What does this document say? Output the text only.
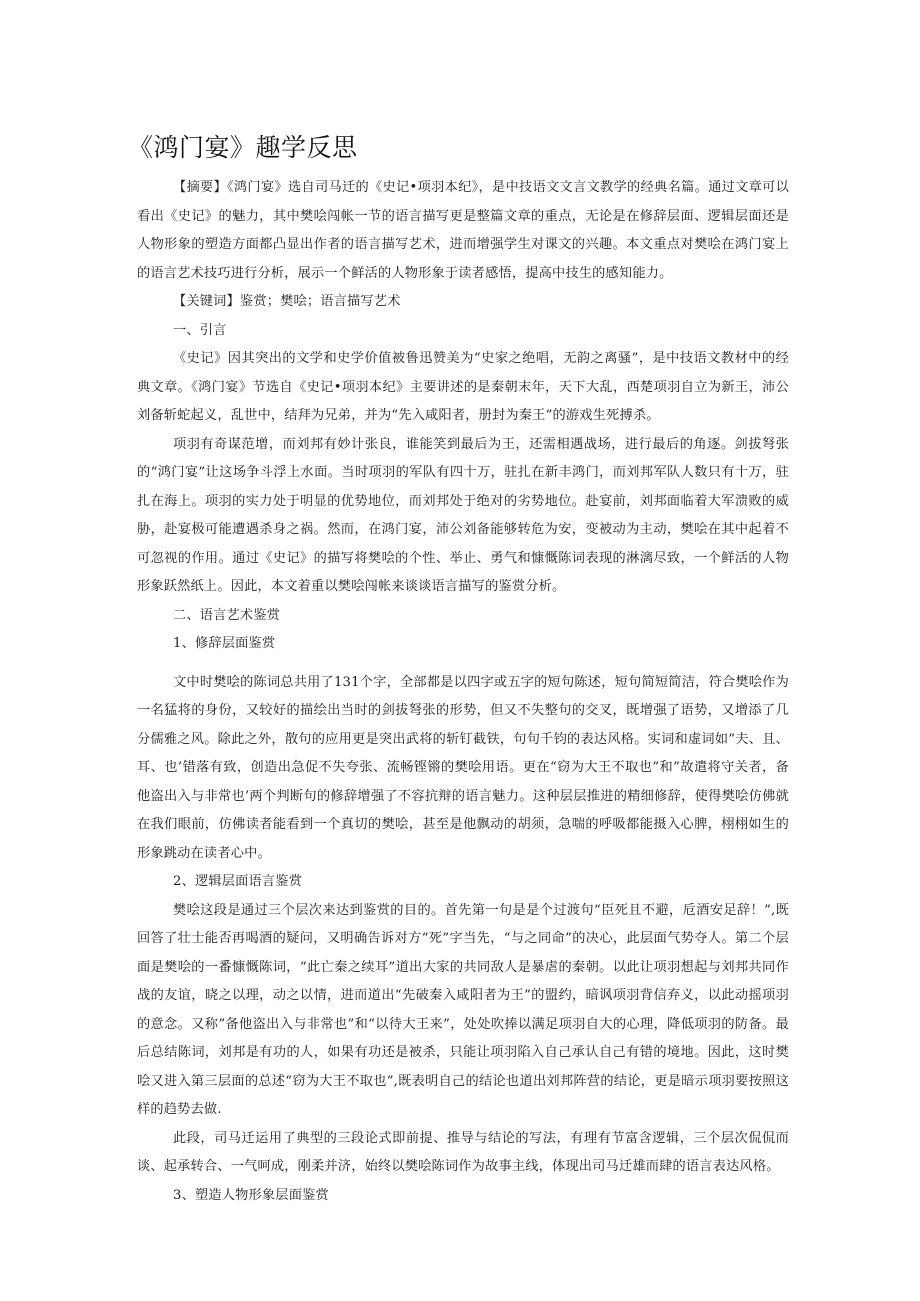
《鸿门宴》趣学反思

【摘要】《鸿门宴》选自司马迁的《史记•项羽本纪》，是中技语文文言文教学的经典名篇。通过文章可以看出《史记》的魅力，其中樊哙闯帐一节的语言描写更是整篇文章的重点，无论是在修辞层面、逻辑层面还是人物形象的塑造方面都凸显出作者的语言描写艺术，进而增强学生对课文的兴趣。本文重点对樊哙在鸿门宴上的语言艺术技巧进行分析，展示一个鲜活的人物形象于读者感悟，提高中技生的感知能力。

【关键词】鉴赏；樊哙；语言描写艺术

一、引言

《史记》因其突出的文学和史学价值被鲁迅赞美为“史家之绝唱，无韵之离骚”，是中技语文教材中的经典文章。《鸿门宴》节选自《史记•项羽本纪》主要讲述的是秦朝末年，天下大乱，西楚项羽自立为新王，沛公刘备斩蛇起义，乱世中，结拜为兄弟，并为“先入咸阳者，册封为秦王”的游戏生死搏杀。

项羽有奇谋范增，而刘邦有妙计张良，谁能笑到最后为王，还需相遇战场，进行最后的角逐。剑拔弩张的“鸿门宴”让这场争斗浮上水面。当时项羽的军队有四十万，驻扎在新丰鸿门，而刘邦军队人数只有十万，驻扎在海上。项羽的实力处于明显的优势地位，而刘邦处于绝对的劣势地位。赴宴前，刘邦面临着大军溃败的威胁，赴宴极可能遭遇杀身之祸。然而，在鸿门宴，沛公刘备能够转危为安，变被动为主动，樊哙在其中起着不可忽视的作用。通过《史记》的描写将樊哙的个性、举止、勇气和慷慨陈词表现的淋漓尽致，一个鲜活的人物形象跃然纸上。因此，本文着重以樊哙闯帐来谈谈语言描写的鉴赏分析。

二、语言艺术鉴赏

1、修辞层面鉴赏

文中时樊哙的陈词总共用了131个字，全部都是以四字或五字的短句陈述，短句简短简洁，符合樊哙作为一名猛将的身份，又较好的描绘出当时的剑拔弩张的形势，但又不失整句的交叉，既增强了语势，又增添了几分儒雅之风。除此之外，散句的应用更是突出武将的斩钉截铁，句句千钧的表达风格。实词和虚词如”夫、且、耳、也’错落有致，创造出急促不失夸张、流畅铿锵的樊哙用语。更在“窃为大王不取也”和”故遣将守关者，备他盗出入与非常也’两个判断句的修辞增强了不容抗辩的语言魅力。这种层层推进的精细修辞，使得樊哙仿佛就在我们眼前，仿佛读者能看到一个真切的樊哙，甚至是他飘动的胡须，急喘的呼吸都能摄入心脾，栩栩如生的形象跳动在读者心中。

2、逻辑层面语言鉴赏

樊哙这段是通过三个层次来达到鉴赏的目的。首先第一句是是个过渡句“臣死且不避，卮酒安足辞！”,既回答了壮士能否再喝酒的疑问，又明确告诉对方“死”字当先，“与之同命”的决心，此层面气势夺人。第二个层面是樊哙的一番慷慨陈词，“此亡秦之续耳”道出大家的共同敌人是暴虐的秦朝。以此让项羽想起与刘邦共同作战的友谊，晓之以理，动之以情，进而道出“先破秦入咸阳者为王”的盟约，暗讽项羽背信弃义，以此动摇项羽的意念。又称”备他盗出入与非常也”和“以待大王来”，处处吹捧以满足项羽自大的心理，降低项羽的防备。最后总结陈词，刘邦是有功的人，如果有功还是被杀，只能让项羽陷入自己承认自己有错的境地。因此，这时樊哙又进入第三层面的总述“窃为大王不取也”,既表明自己的结论也道出刘邦阵营的结论，更是暗示项羽要按照这样的趋势去做.

此段，司马迁运用了典型的三段论式即前提、推导与结论的写法，有理有节富含逻辑，三个层次侃侃而谈、起承转合、一气呵成，刚柔并济，始终以樊哙陈词作为故事主线，体现出司马迁雄而肆的语言表达风格。

3、塑造人物形象层面鉴赏
